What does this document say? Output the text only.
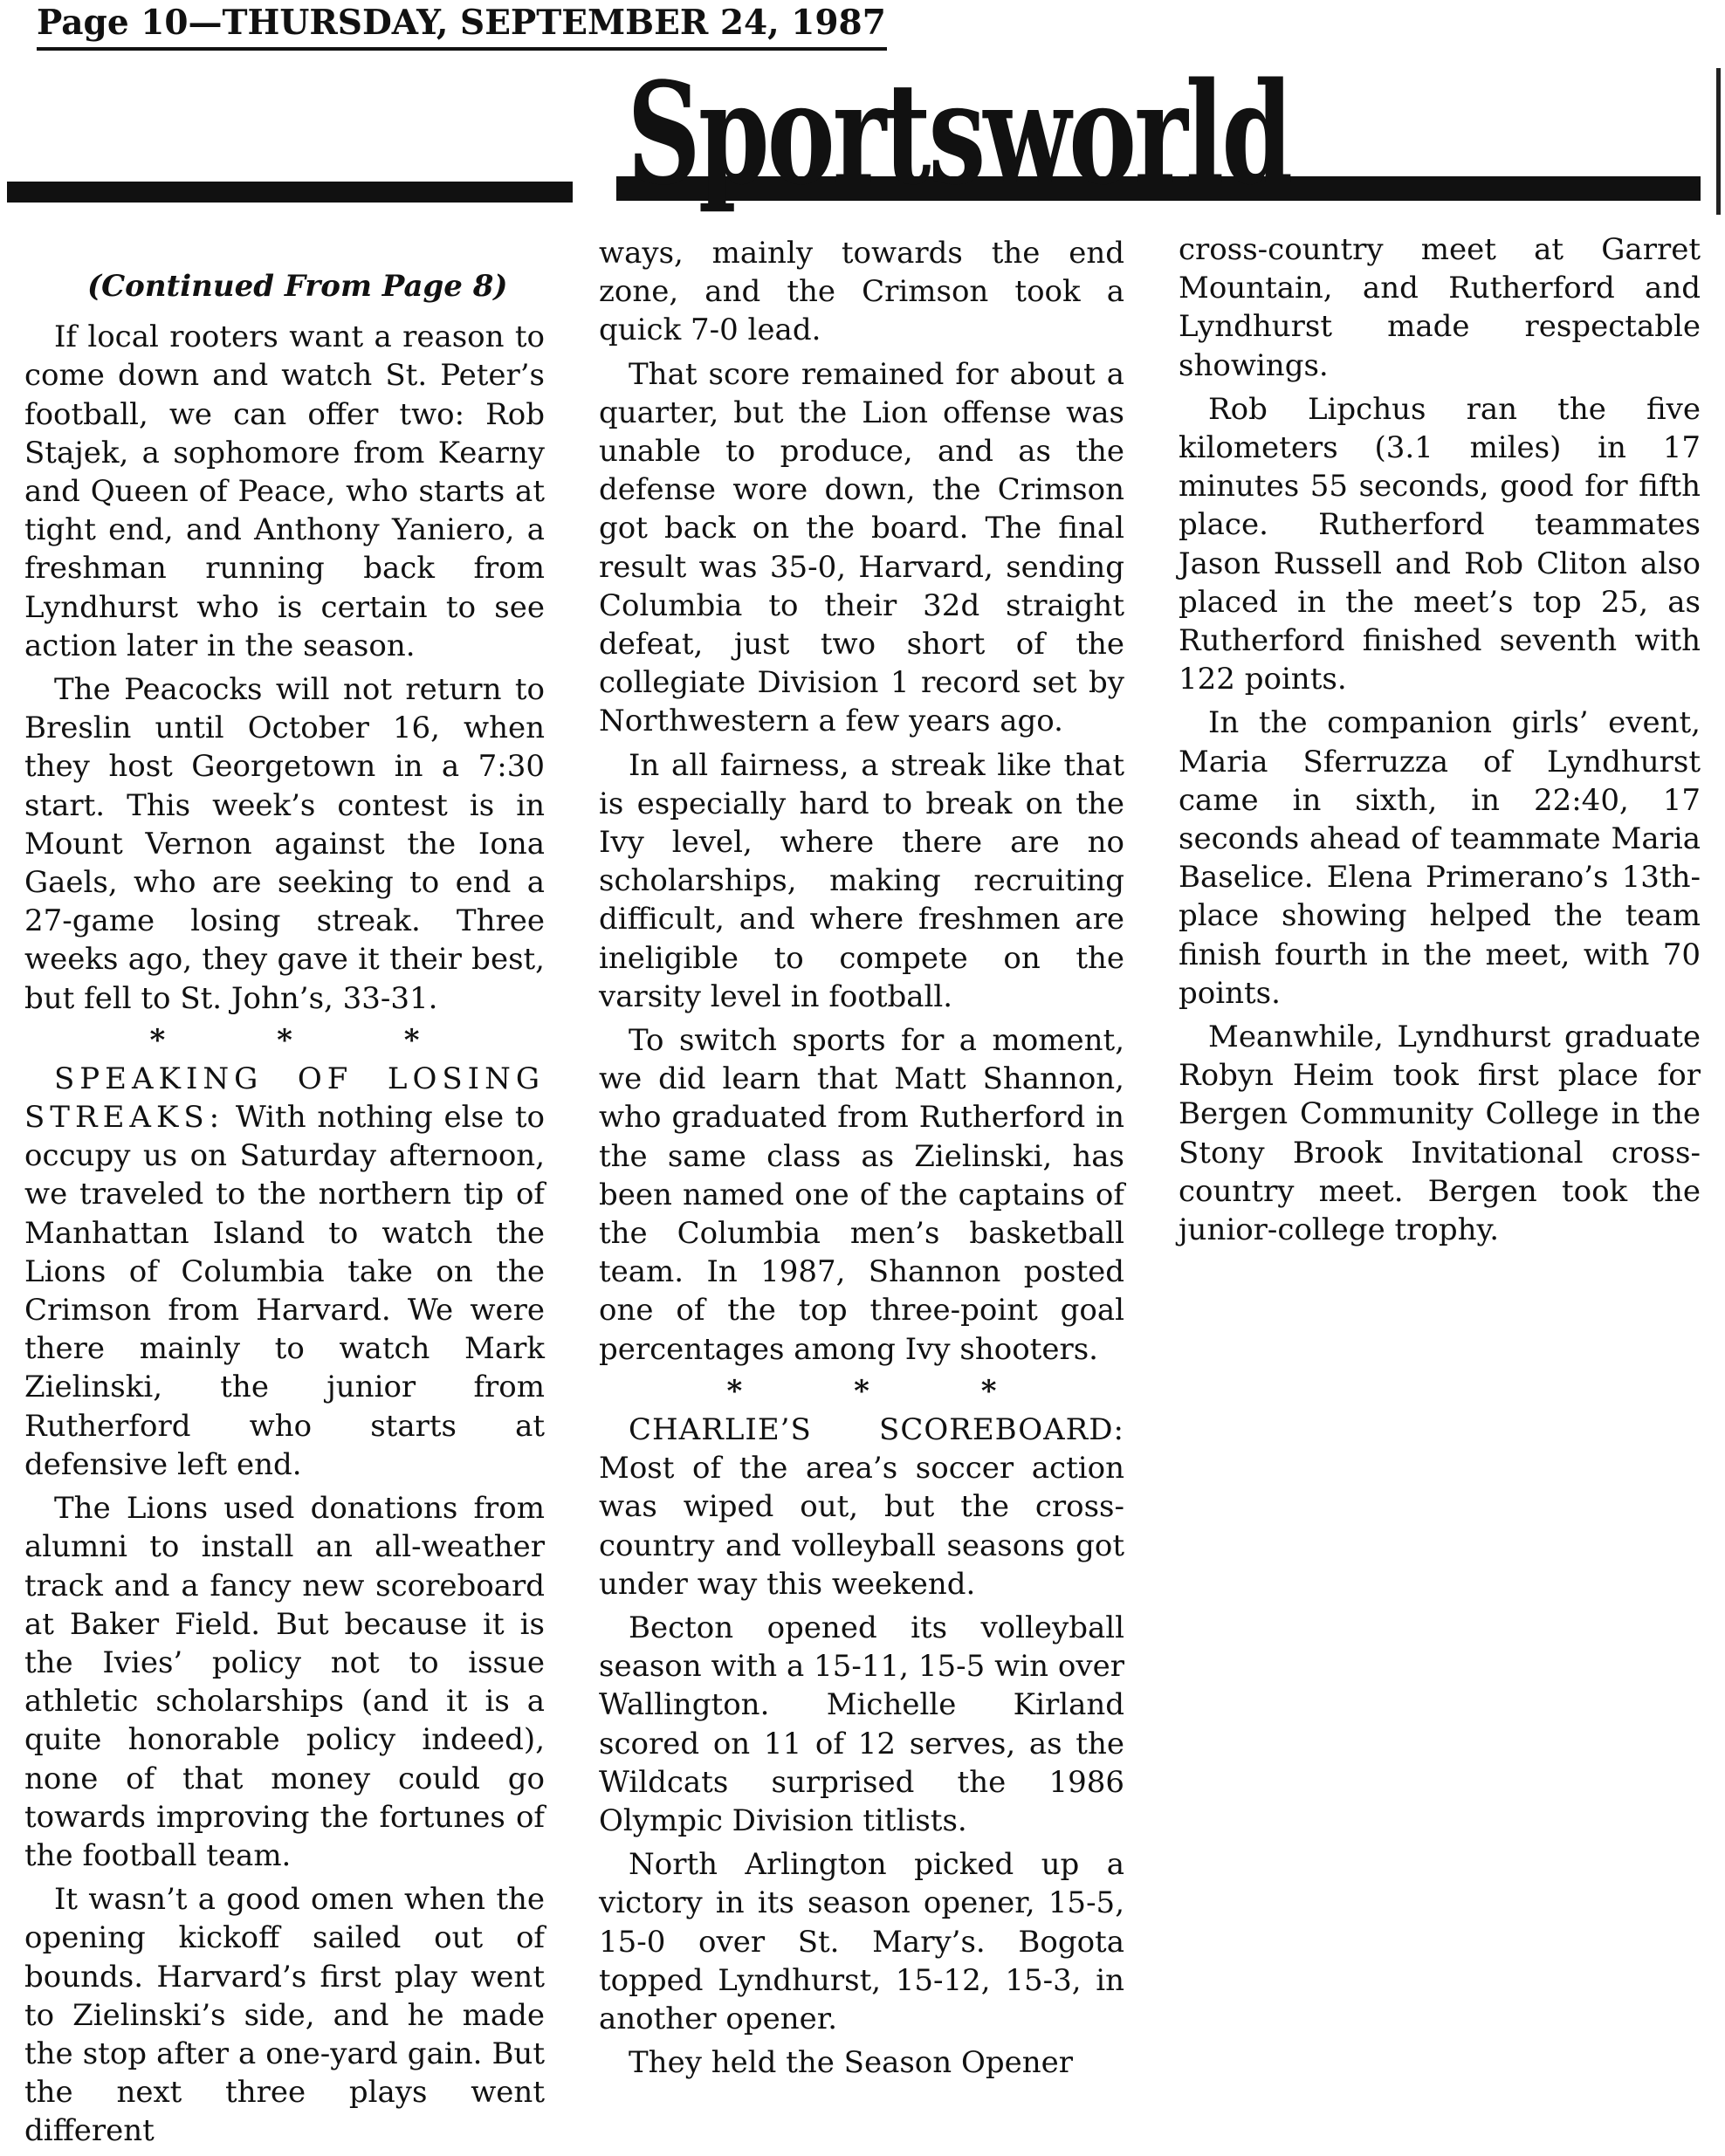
Page 10—THURSDAY, SEPTEMBER 24, 1987
Sportsworld

(Continued From Page 8)

If local rooters want a reason to come down and watch St. Peter’s football, we can offer two: Rob Stajek, a sophomore from Kearny and Queen of Peace, who starts at tight end, and Anthony Yaniero, a freshman running back from Lyndhurst who is certain to see action later in the season.

The Peacocks will not return to Breslin until October 16, when they host Georgetown in a 7:30 start. This week’s contest is in Mount Vernon against the Iona Gaels, who are seeking to end a 27-game losing streak. Three weeks ago, they gave it their best, but fell to St. John’s, 33-31.

* * *

SPEAKING OF LOSING STREAKS: With nothing else to occupy us on Saturday afternoon, we traveled to the northern tip of Manhattan Island to watch the Lions of Columbia take on the Crimson from Harvard. We were there mainly to watch Mark Zielinski, the junior from Rutherford who starts at defensive left end.

The Lions used donations from alumni to install an all-weather track and a fancy new scoreboard at Baker Field. But because it is the Ivies’ policy not to issue athletic scholarships (and it is a quite honorable policy indeed), none of that money could go towards improving the fortunes of the football team.

It wasn’t a good omen when the opening kickoff sailed out of bounds. Harvard’s first play went to Zielinski’s side, and he made the stop after a one-yard gain. But the next three plays went different

ways, mainly towards the end zone, and the Crimson took a quick 7-0 lead.

That score remained for about a quarter, but the Lion offense was unable to produce, and as the defense wore down, the Crimson got back on the board. The final result was 35-0, Harvard, sending Columbia to their 32d straight defeat, just two short of the collegiate Division 1 record set by Northwestern a few years ago.

In all fairness, a streak like that is especially hard to break on the Ivy level, where there are no scholarships, making recruiting difficult, and where freshmen are ineligible to compete on the varsity level in football.

To switch sports for a moment, we did learn that Matt Shannon, who graduated from Rutherford in the same class as Zielinski, has been named one of the captains of the Columbia men’s basketball team. In 1987, Shannon posted one of the top three-point goal percentages among Ivy shooters.

* * *

CHARLIE’S SCOREBOARD: Most of the area’s soccer action was wiped out, but the cross-country and volleyball seasons got under way this weekend.

Becton opened its volleyball season with a 15-11, 15-5 win over Wallington. Michelle Kirland scored on 11 of 12 serves, as the Wildcats surprised the 1986 Olympic Division titlists.

North Arlington picked up a victory in its season opener, 15-5, 15-0 over St. Mary’s. Bogota topped Lyndhurst, 15-12, 15-3, in another opener.

They held the Season Opener

cross-country meet at Garret Mountain, and Rutherford and Lyndhurst made respectable showings.

Rob Lipchus ran the five kilometers (3.1 miles) in 17 minutes 55 seconds, good for fifth place. Rutherford teammates Jason Russell and Rob Cliton also placed in the meet’s top 25, as Rutherford finished seventh with 122 points.

In the companion girls’ event, Maria Sferruzza of Lyndhurst came in sixth, in 22:40, 17 seconds ahead of teammate Maria Baselice. Elena Primerano’s 13th-place showing helped the team finish fourth in the meet, with 70 points.

Meanwhile, Lyndhurst graduate Robyn Heim took first place for Bergen Community College in the Stony Brook Invitational cross-country meet. Bergen took the junior-college trophy.
